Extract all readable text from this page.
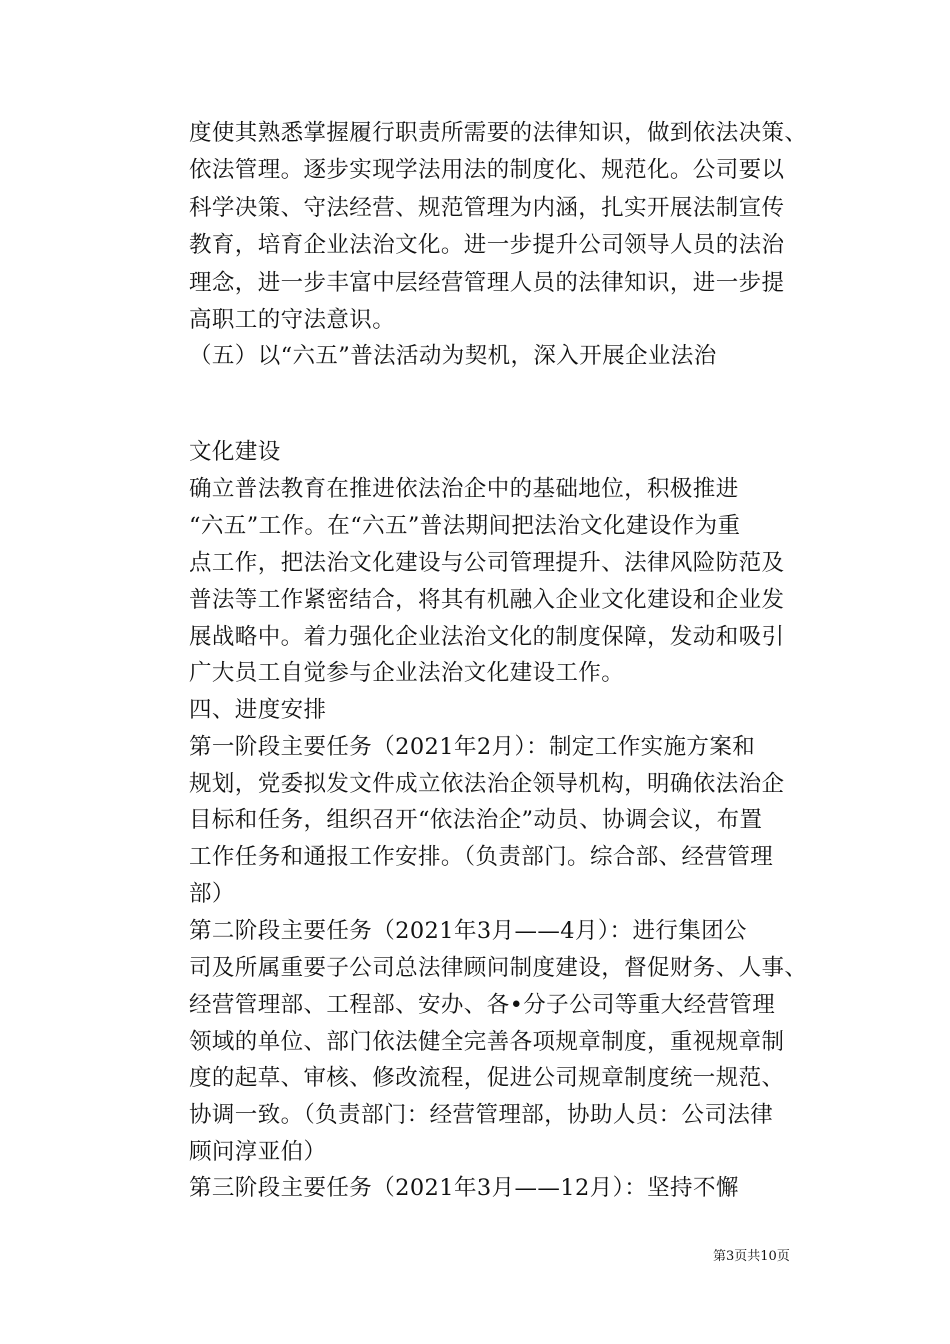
度使其熟悉掌握履行职责所需要的法律知识，做到依法决策、
依法管理。逐步实现学法用法的制度化、规范化。公司要以
科学决策、守法经营、规范管理为内涵，扎实开展法制宣传
教育，培育企业法治文化。进一步提升公司领导人员的法治
理念，进一步丰富中层经营管理人员的法律知识，进一步提
高职工的守法意识。
（五）以“六五”普法活动为契机，深入开展企业法治
文化建设
确立普法教育在推进依法治企中的基础地位，积极推进
“六五”工作。在“六五”普法期间把法治文化建设作为重
点工作，把法治文化建设与公司管理提升、法律风险防范及
普法等工作紧密结合，将其有机融入企业文化建设和企业发
展战略中。着力强化企业法治文化的制度保障，发动和吸引
广大员工自觉参与企业法治文化建设工作。
四、进度安排
第一阶段主要任务（2021年2月）：制定工作实施方案和
规划，党委拟发文件成立依法治企领导机构，明确依法治企
目标和任务，组织召开“依法治企”动员、协调会议，布置
工作任务和通报工作安排。（负责部门。综合部、经营管理
部）
第二阶段主要任务（2021年3月——4月）：进行集团公
司及所属重要子公司总法律顾问制度建设，督促财务、人事、
经营管理部、工程部、安办、各•分子公司等重大经营管理
领域的单位、部门依法健全完善各项规章制度，重视规章制
度的起草、审核、修改流程，促进公司规章制度统一规范、
协调一致。（负责部门：经营管理部，协助人员：公司法律
顾问淳亚伯）
第三阶段主要任务（2021年3月——12月）：坚持不懈
第3页共10页
